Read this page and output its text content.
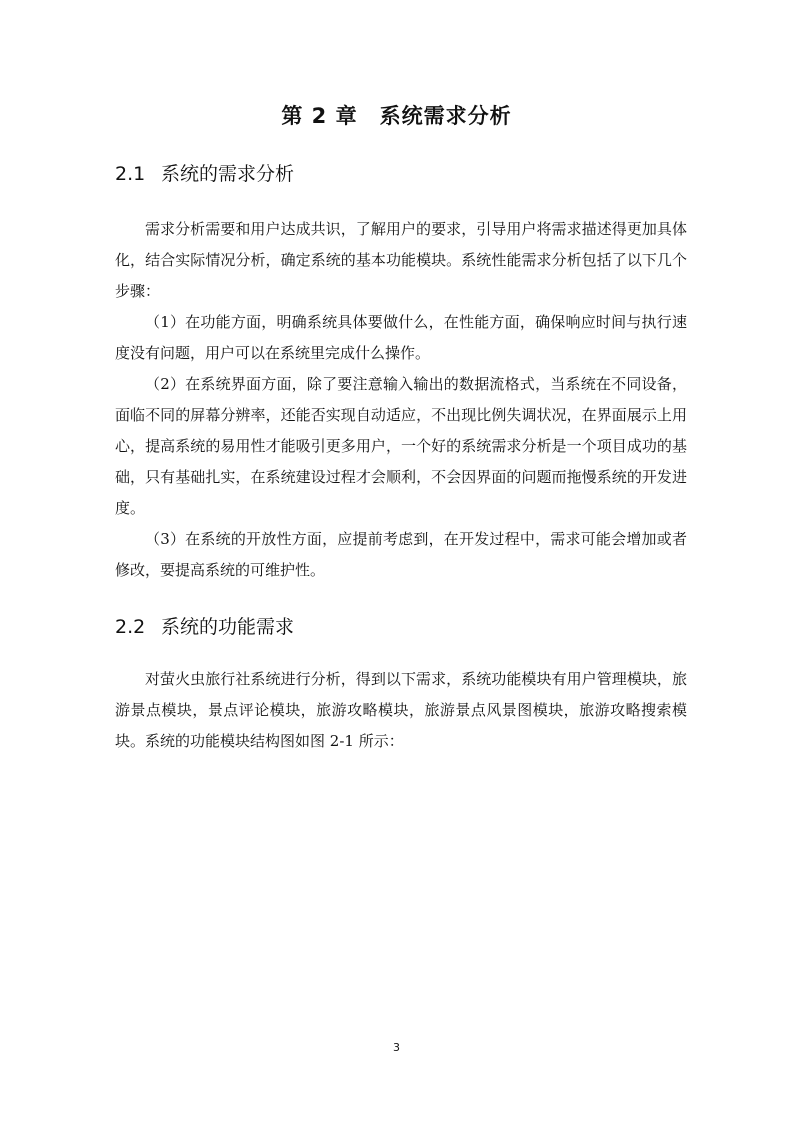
第 2 章 系统需求分析
2.1 系统的需求分析

需求分析需要和用户达成共识，了解用户的要求，引导用户将需求描述得更加具体化，结合实际情况分析，确定系统的基本功能模块。系统性能需求分析包括了以下几个步骤：

（1）在功能方面，明确系统具体要做什么，在性能方面，确保响应时间与执行速度没有问题，用户可以在系统里完成什么操作。

（2）在系统界面方面，除了要注意输入输出的数据流格式，当系统在不同设备，面临不同的屏幕分辨率，还能否实现自动适应，不出现比例失调状况，在界面展示上用心，提高系统的易用性才能吸引更多用户，一个好的系统需求分析是一个项目成功的基础，只有基础扎实，在系统建设过程才会顺利，不会因界面的问题而拖慢系统的开发进度。

（3）在系统的开放性方面，应提前考虑到，在开发过程中，需求可能会增加或者修改，要提高系统的可维护性。

2.2 系统的功能需求

对萤火虫旅行社系统进行分析，得到以下需求，系统功能模块有用户管理模块，旅游景点模块，景点评论模块，旅游攻略模块，旅游景点风景图模块，旅游攻略搜索模块。系统的功能模块结构图如图 2-1 所示：

3
